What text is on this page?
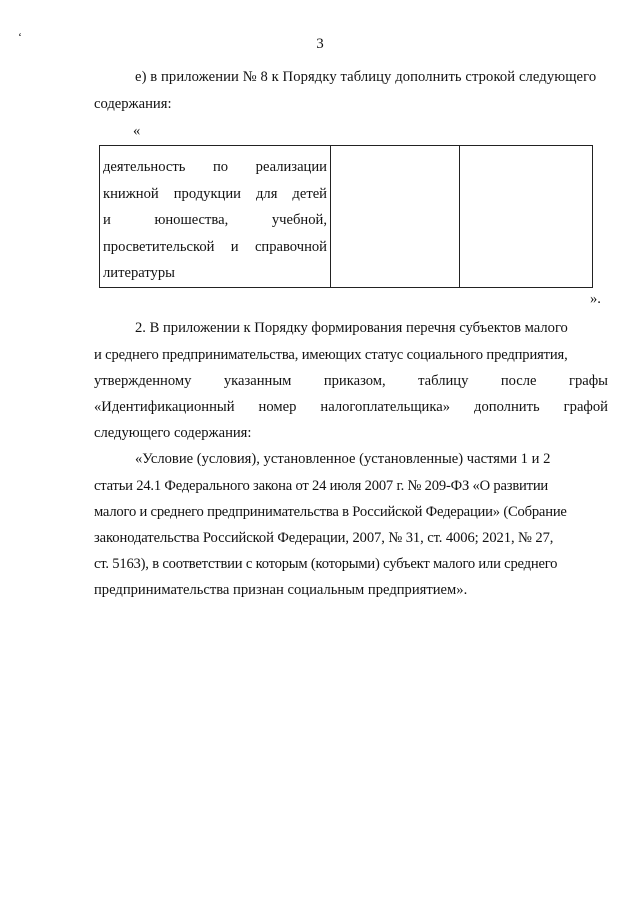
‘	3
е) в приложении № 8 к Порядку таблицу дополнить строкой следующего
содержания:
«
деятельность по реализации
книжной продукции для детей
и	юношества,	учебной,
просветительской и справочной
литературы

».
2. В приложении к Порядку формирования перечня субъектов малого
и среднего предпринимательства, имеющих статус социального предприятия,
утвержденному указанным приказом, таблицу после графы
«Идентификационный номер налогоплательщика» дополнить графой
следующего содержания:
«Условие (условия), установленное (установленные) частями 1 и 2
статьи 24.1 Федерального закона от 24 июля 2007 г. № 209-ФЗ «О развитии
малого и среднего предпринимательства в Российской Федерации» (Собрание
законодательства Российской Федерации, 2007, № 31, ст. 4006; 2021, № 27,
ст. 5163), в соответствии с которым (которыми) субъект малого или среднего
предпринимательства признан социальным предприятием».
